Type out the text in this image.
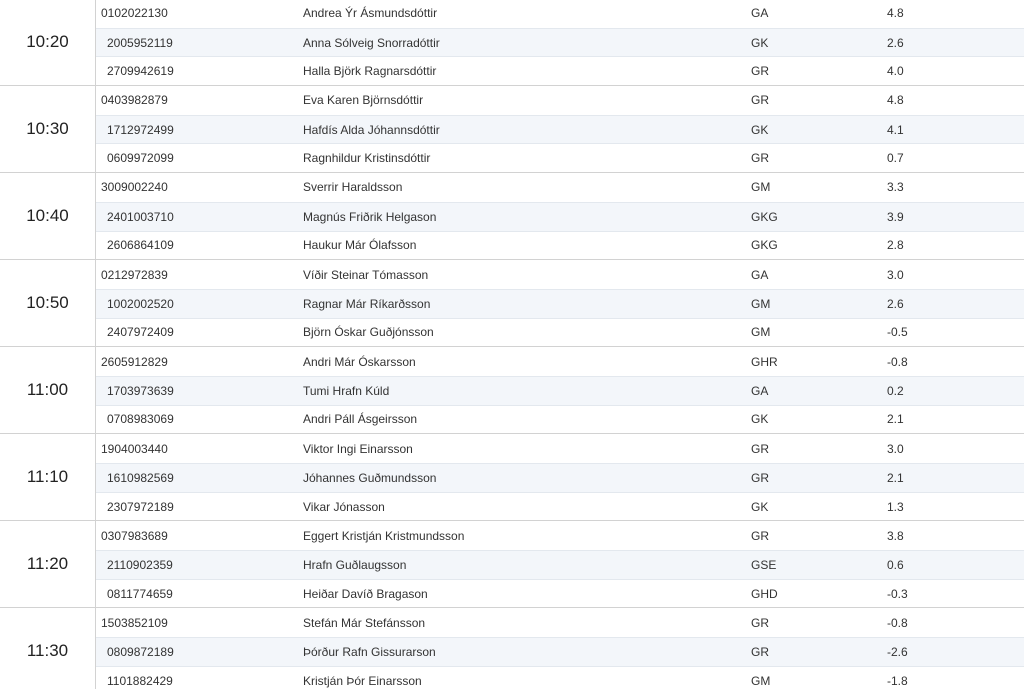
10:20
0102022130	Andrea Ýr Ásmundsdóttir	GA	4.8
2005952119	Anna Sólveig Snorradóttir	GK	2.6
2709942619	Halla Björk Ragnarsdóttir	GR	4.0
10:30
0403982879	Eva Karen Björnsdóttir	GR	4.8
1712972499	Hafdís Alda Jóhannsdóttir	GK	4.1
0609972099	Ragnhildur Kristinsdóttir	GR	0.7
10:40
3009002240	Sverrir Haraldsson	GM	3.3
2401003710	Magnús Friðrik Helgason	GKG	3.9
2606864109	Haukur Már Ólafsson	GKG	2.8
10:50
0212972839	Víðir Steinar Tómasson	GA	3.0
1002002520	Ragnar Már Ríkarðsson	GM	2.6
2407972409	Björn Óskar Guðjónsson	GM	-0.5
11:00
2605912829	Andri Már Óskarsson	GHR	-0.8
1703973639	Tumi Hrafn Kúld	GA	0.2
0708983069	Andri Páll Ásgeirsson	GK	2.1
11:10
1904003440	Viktor Ingi Einarsson	GR	3.0
1610982569	Jóhannes Guðmundsson	GR	2.1
2307972189	Vikar Jónasson	GK	1.3
11:20
0307983689	Eggert Kristján Kristmundsson	GR	3.8
2110902359	Hrafn Guðlaugsson	GSE	0.6
0811774659	Heiðar Davíð Bragason	GHD	-0.3
11:30
1503852109	Stefán Már Stefánsson	GR	-0.8
0809872189	Þórður Rafn Gissurarson	GR	-2.6
1101882429	Kristján Þór Einarsson	GM	-1.8
